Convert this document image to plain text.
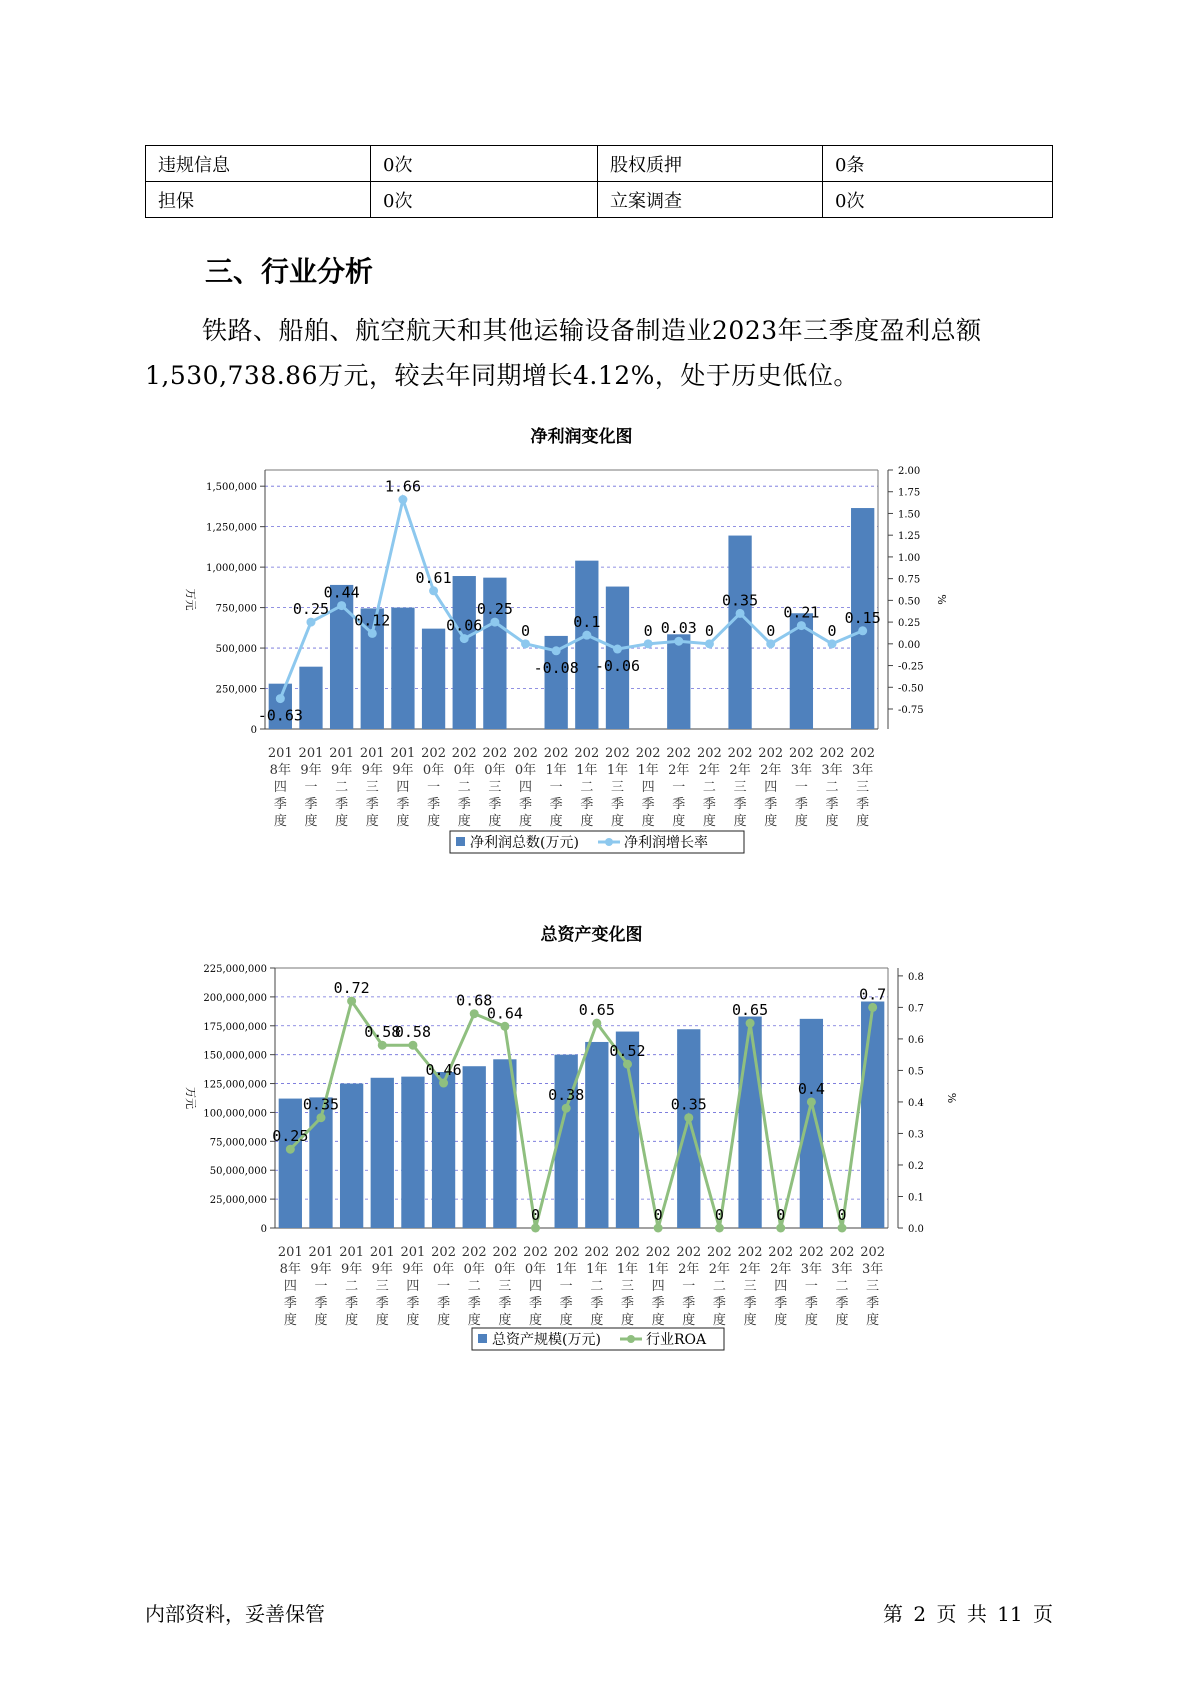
违规信息	0次	股权质押	0条
担保	0次	立案调查	0次
三、行业分析

铁路、船舶、航空航天和其他运输设备制造业2023年三季度盈利总额1,530,738.86万元，较去年同期增长4.12%，处于历史低位。

净利润变化图
0
250,000
500,000
750,000
1,000,000
1,250,000
1,500,000
-0.75
-0.50
-0.25
0.00
0.25
0.50
0.75
1.00
1.25
1.50
1.75
2.00
万元	%
201
8年
四
季
度
201
9年
一
季
度
201
9年
二
季
度
201
9年
三
季
度
201
9年
四
季
度
202
0年
一
季
度
202
0年
二
季
度
202
0年
三
季
度
202
0年
四
季
度
202
1年
一
季
度
202
1年
二
季
度
202
1年
三
季
度
202
1年
四
季
度
202
2年
一
季
度
202
2年
二
季
度
202
2年
三
季
度
202
2年
四
季
度
202
3年
一
季
度
202
3年
二
季
度
202
3年
三
季
度
-0.63
0.25
0.44
0.12
1.66
0.61
0.06
0.25
0
-0.08
0.1
-0.06
0 0.03 0
0.35
0
0.21
0
0.15
净利润总数(万元)	净利润增长率
总资产变化图
0
25,000,000
50,000,000
75,000,000
100,000,000
125,000,000
150,000,000
175,000,000
200,000,000
225,000,000
0.0
0.1
0.2
0.3
0.4
0.5
0.6
0.7
0.8
万元	%
201
8年
四
季
度
201
9年
一
季
度
201
9年
二
季
度
201
9年
三
季
度
201
9年
四
季
度
202
0年
一
季
度
202
0年
二
季
度
202
0年
三
季
度
202
0年
四
季
度
202
1年
一
季
度
202
1年
二
季
度
202
1年
三
季
度
202
1年
四
季
度
202
2年
一
季
度
202
2年
二
季
度
202
2年
三
季
度
202
2年
四
季
度
202
3年
一
季
度
202
3年
二
季
度
202
3年
三
季
度
0.25
0.35
0.72
0.58
0.58
0.46
0.68
0.64
0
0.38
0.65
0.52
0
0.35
0
0.65
0
0.4
0
0.7
总资产规模(万元)	行业ROA
内部资料，妥善保管	第 2 页 共 11 页
